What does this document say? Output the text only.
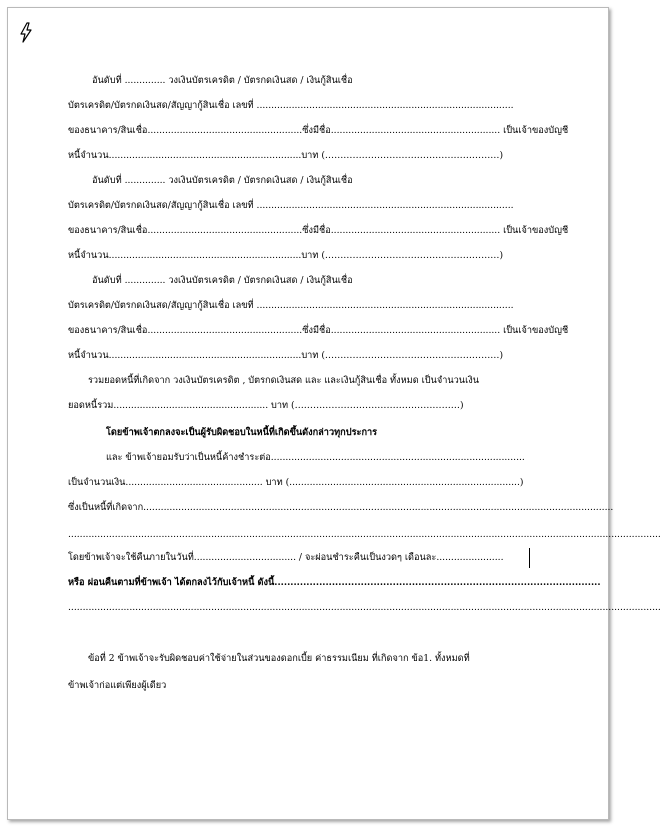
อันดับที่ .............. วงเงินบัตรเครดิต / บัตรกดเงินสด / เงินกู้สินเชื่อ
บัตรเครดิต/บัตรกดเงินสด/สัญญากู้สินเชื่อ เลขที่ ........................................................................................
ของธนาคาร/สินเชื่อ.....................................................ซึ่งมีชื่อ.......................................................... เป็นเจ้าของบัญชี
หนี้จำนวน..................................................................บาท (…………………………………………………)
อันดับที่ .............. วงเงินบัตรเครดิต / บัตรกดเงินสด / เงินกู้สินเชื่อ
บัตรเครดิต/บัตรกดเงินสด/สัญญากู้สินเชื่อ เลขที่ ........................................................................................
ของธนาคาร/สินเชื่อ.....................................................ซึ่งมีชื่อ.......................................................... เป็นเจ้าของบัญชี
หนี้จำนวน..................................................................บาท (…………………………………………………)
อันดับที่ .............. วงเงินบัตรเครดิต / บัตรกดเงินสด / เงินกู้สินเชื่อ
บัตรเครดิต/บัตรกดเงินสด/สัญญากู้สินเชื่อ เลขที่ ........................................................................................
ของธนาคาร/สินเชื่อ.....................................................ซึ่งมีชื่อ.......................................................... เป็นเจ้าของบัญชี
หนี้จำนวน..................................................................บาท (…………………………………………………)
รวมยอดหนี้ที่เกิดจาก วงเงินบัตรเครดิต , บัตรกดเงินสด และ และเงินกู้สินเชื่อ ทั้งหมด เป็นจำนวนเงิน
ยอดหนี้รวม..................................................... บาท (………………………………………………)
โดยข้าพเจ้าตกลงจะเป็นผู้รับผิดชอบในหนี้ที่เกิดขึ้นดังกล่าวทุกประการ
และ ข้าพเจ้ายอมรับว่าเป็นหนี้ค้างชำระต่อ.......................................................................................
เป็นจำนวนเงิน............................................... บาท (...............................................................................)
ซึ่งเป็นหนี้ที่เกิดจาก.................................................................................................................................................................
...........................................................................................................................................................................................................
โดยข้าพเจ้าจะใช้คืนภายในวันที่................................... / จะผ่อนชำระคืนเป็นงวดๆ เดือนละ.......................
หรือ ผ่อนคืนตามที่ข้าพเจ้า ได้ตกลงไว้กับเจ้าหนี้ ดังนี้......................................................................................................
...........................................................................................................................................................................................................
ข้อที่ 2 ข้าพเจ้าจะรับผิดชอบค่าใช้จ่ายในส่วนของดอกเบี้ย ค่าธรรมเนียม ที่เกิดจาก ข้อ1. ทั้งหมดที่
ข้าพเจ้าก่อแต่เพียงผู้เดียว
